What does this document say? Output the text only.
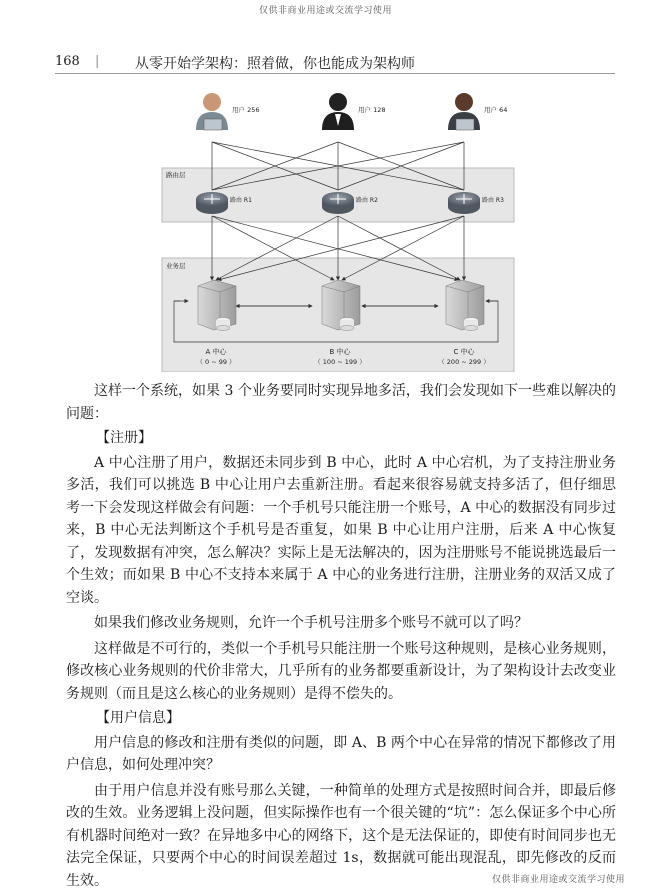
仅供非商业用途或交流学习使用
168 |	从零开始学架构：照着做，你也能成为架构师
路由层
业务层
用户 256	用户 128	用户 64
路由 R1	路由 R2	路由 R3
A 中心
（ 0 ~ 99 ）
B 中心
（ 100 ~ 199 ）
C 中心
（ 200 ~ 299 ）

这样一个系统，如果 3 个业务要同时实现异地多活，我们会发现如下一些难以解决的问题：

【注册】

A 中心注册了用户，数据还未同步到 B 中心，此时 A 中心宕机，为了支持注册业务多活，我们可以挑选 B 中心让用户去重新注册。看起来很容易就支持多活了，但仔细思考一下会发现这样做会有问题：一个手机号只能注册一个账号，A 中心的数据没有同步过来，B 中心无法判断这个手机号是否重复，如果 B 中心让用户注册，后来 A 中心恢复了，发现数据有冲突，怎么解决？实际上是无法解决的，因为注册账号不能说挑选最后一个生效；而如果 B 中心不支持本来属于 A 中心的业务进行注册，注册业务的双活又成了空谈。

如果我们修改业务规则，允许一个手机号注册多个账号不就可以了吗？

这样做是不可行的，类似一个手机号只能注册一个账号这种规则，是核心业务规则，修改核心业务规则的代价非常大，几乎所有的业务都要重新设计，为了架构设计去改变业务规则（而且是这么核心的业务规则）是得不偿失的。

【用户信息】

用户信息的修改和注册有类似的问题，即 A、B 两个中心在异常的情况下都修改了用户信息，如何处理冲突？

由于用户信息并没有账号那么关键，一种简单的处理方式是按照时间合并，即最后修改的生效。业务逻辑上没问题，但实际操作也有一个很关键的“坑”：怎么保证多个中心所有机器时间绝对一致？在异地多中心的网络下，这个是无法保证的，即使有时间同步也无法完全保证，只要两个中心的时间误差超过 1s，数据就可能出现混乱，即先修改的反而生效。	仅供非商业用途或交流学习使用
